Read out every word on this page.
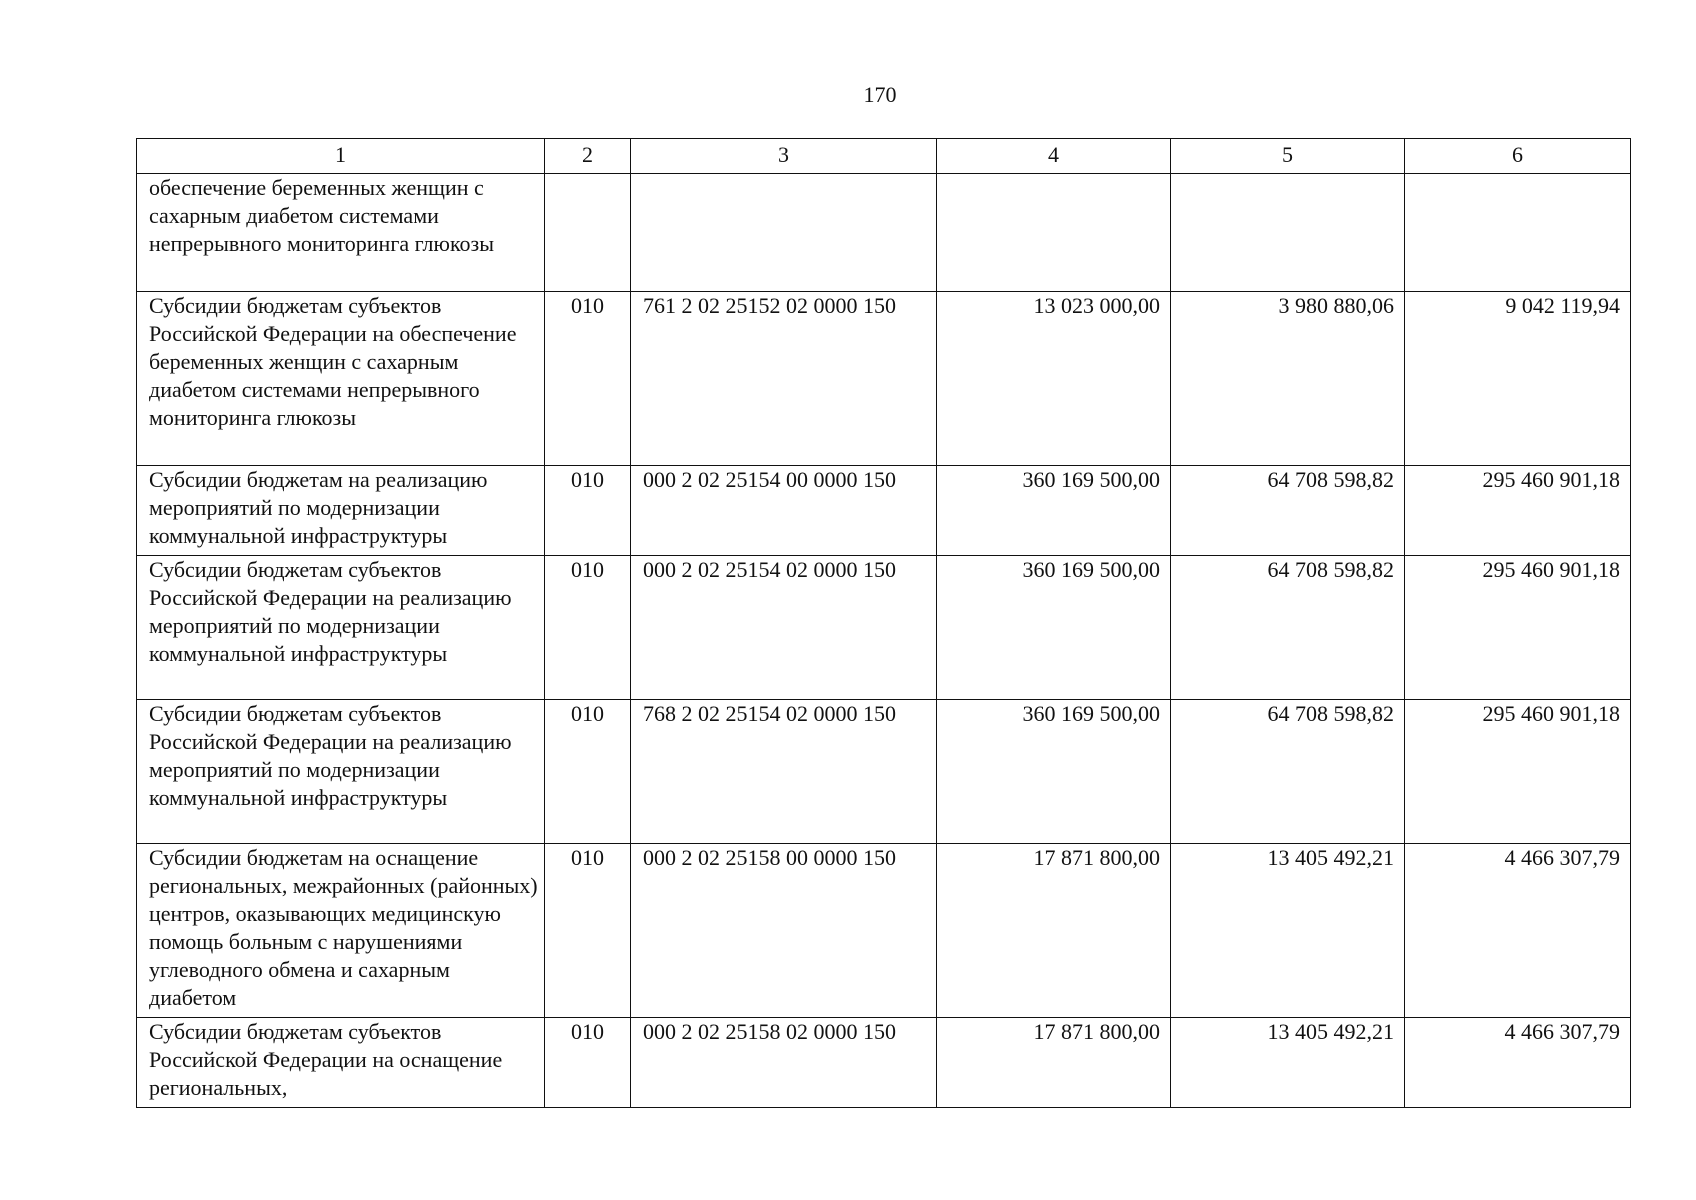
170
1	2	3	4	5	6
обеспечение беременных женщин с сахарным диабетом системами непрерывного мониторинга глюкозы					
Субсидии бюджетам субъектов Российской Федерации на обеспечение беременных женщин с сахарным диабетом системами непрерывного мониторинга глюкозы	010	761 2 02 25152 02 0000 150	13 023 000,00	3 980 880,06	9 042 119,94
Субсидии бюджетам на реализацию мероприятий по модернизации коммунальной инфраструктуры	010	000 2 02 25154 00 0000 150	360 169 500,00	64 708 598,82	295 460 901,18
Субсидии бюджетам субъектов Российской Федерации на реализацию мероприятий по модернизации коммунальной инфраструктуры	010	000 2 02 25154 02 0000 150	360 169 500,00	64 708 598,82	295 460 901,18
Субсидии бюджетам субъектов Российской Федерации на реализацию мероприятий по модернизации коммунальной инфраструктуры	010	768 2 02 25154 02 0000 150	360 169 500,00	64 708 598,82	295 460 901,18
Субсидии бюджетам на оснащение региональных, межрайонных (районных) центров, оказывающих медицинскую помощь больным с нарушениями углеводного обмена и сахарным диабетом	010	000 2 02 25158 00 0000 150	17 871 800,00	13 405 492,21	4 466 307,79
Субсидии бюджетам субъектов Российской Федерации на оснащение региональных,	010	000 2 02 25158 02 0000 150	17 871 800,00	13 405 492,21	4 466 307,79
